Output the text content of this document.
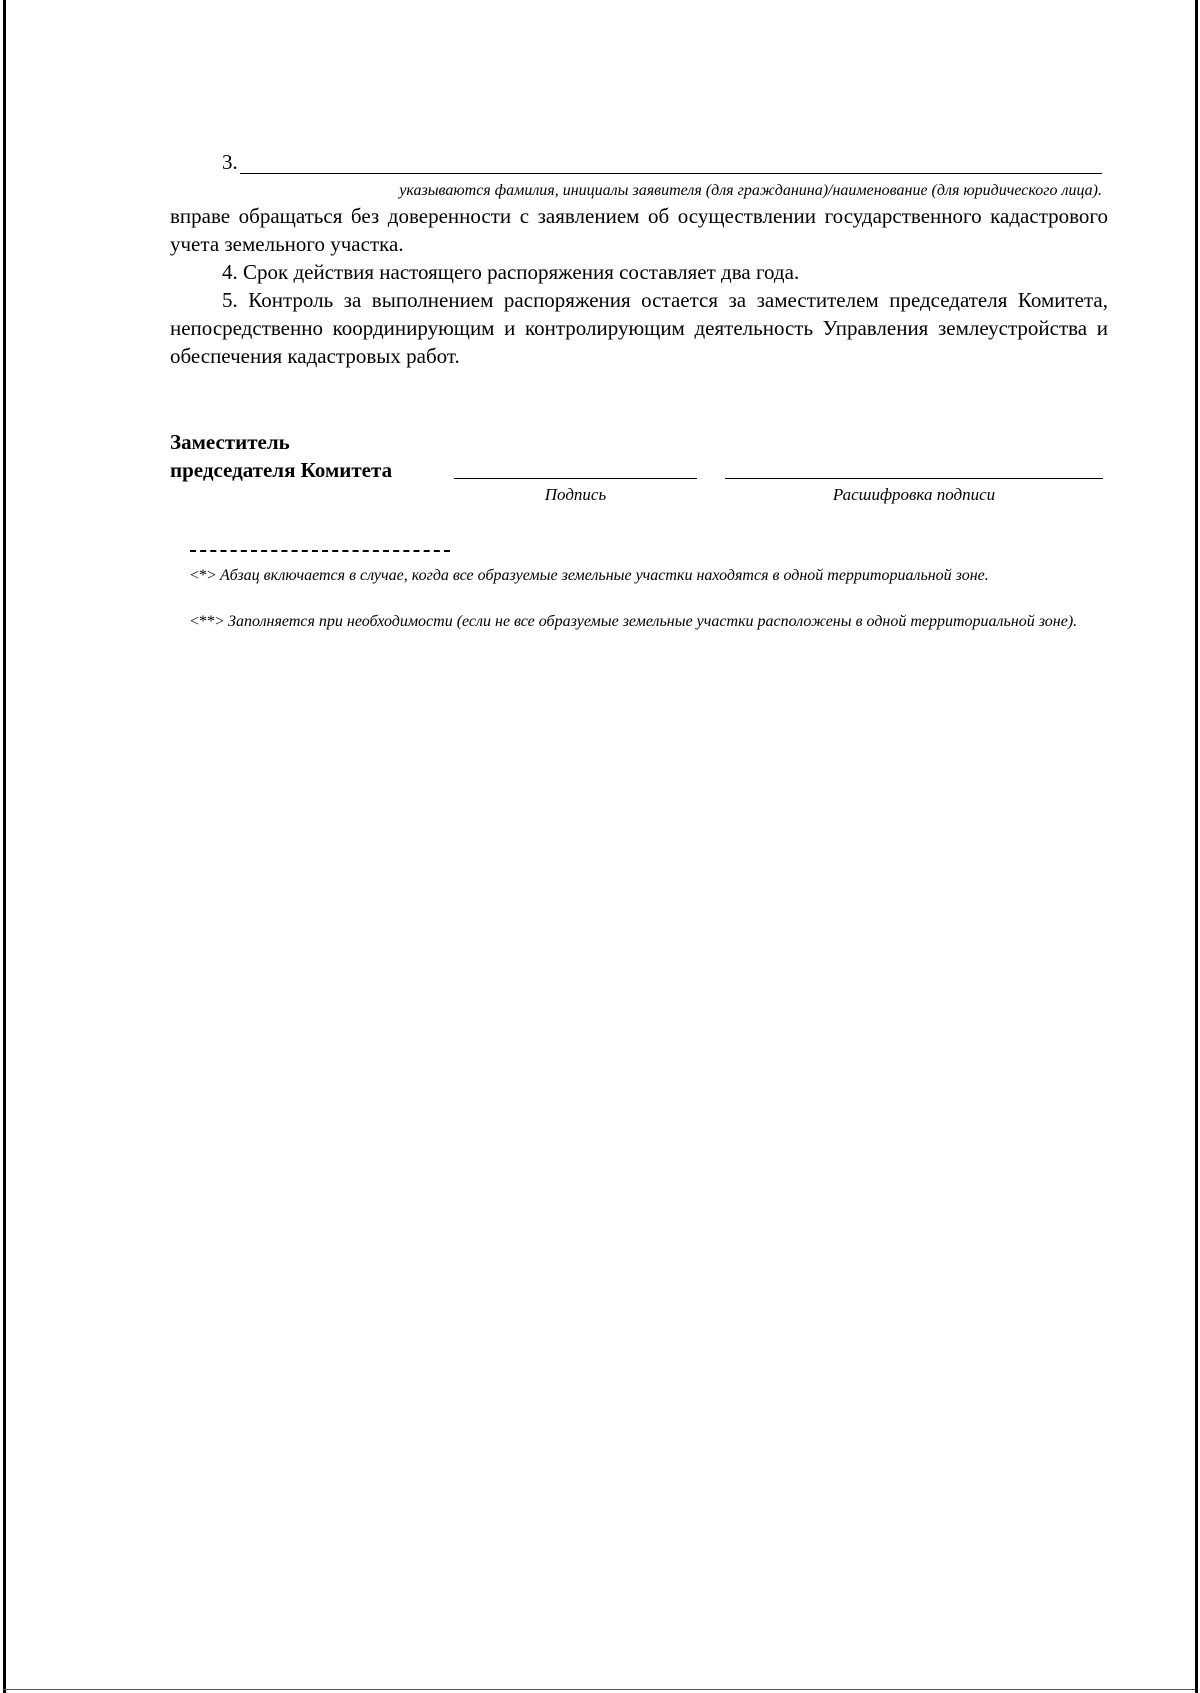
3.
указываются фамилия, инициалы заявителя (для гражданина)/наименование (для юридического лица).
вправе обращаться без доверенности с заявлением об осуществлении государственного кадастрового учета земельного участка.
4. Срок действия настоящего распоряжения составляет два года.
5. Контроль за выполнением распоряжения остается за заместителем председателя Комитета, непосредственно координирующим и контролирующим деятельность Управления землеустройства и обеспечения кадастровых работ.
Заместитель
председателя Комитета
Подпись	Расшифровка подписи
<*> Абзац включается в случае, когда все образуемые земельные участки находятся в одной территориальной зоне.
<**> Заполняется при необходимости (если не все образуемые земельные участки расположены в одной территориальной зоне).
